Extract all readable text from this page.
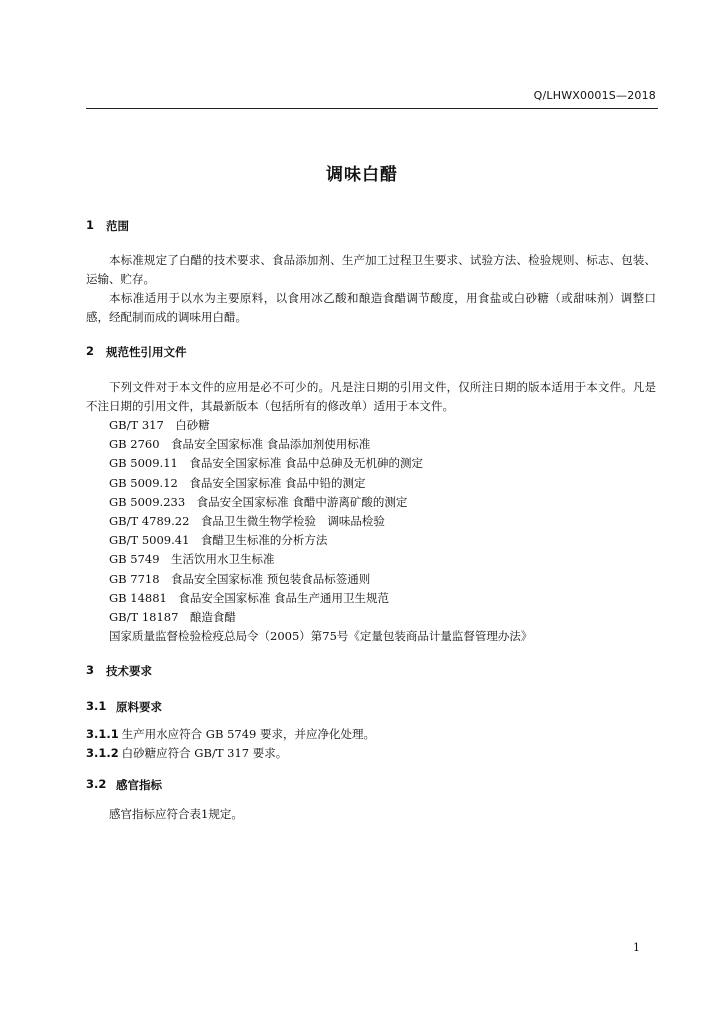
Q/LHWX0001S—2018
调味白醋
1	范围

本标准规定了白醋的技术要求、食品添加剂、生产加工过程卫生要求、试验方法、检验规则、标志、包装、运输、贮存。

本标准适用于以水为主要原料，以食用冰乙酸和酿造食醋调节酸度，用食盐或白砂糖（或甜味剂）调整口感，经配制而成的调味用白醋。

2	规范性引用文件

下列文件对于本文件的应用是必不可少的。凡是注日期的引用文件，仅所注日期的版本适用于本文件。凡是不注日期的引用文件，其最新版本（包括所有的修改单）适用于本文件。

GB/T 317　白砂糖

GB 2760　食品安全国家标准 食品添加剂使用标准

GB 5009.11　食品安全国家标准 食品中总砷及无机砷的测定

GB 5009.12　食品安全国家标准 食品中铅的测定

GB 5009.233　食品安全国家标准 食醋中游离矿酸的测定

GB/T 4789.22　食品卫生微生物学检验　调味品检验

GB/T 5009.41　食醋卫生标准的分析方法

GB 5749　生活饮用水卫生标准

GB 7718　食品安全国家标准 预包装食品标签通则

GB 14881　食品安全国家标准 食品生产通用卫生规范

GB/T 18187　酿造食醋

国家质量监督检验检疫总局令（2005）第75号《定量包装商品计量监督管理办法》

3	技术要求
3.1 原料要求

3.1.1 生产用水应符合 GB 5749 要求，并应净化处理。

3.1.2 白砂糖应符合 GB/T 317 要求。

3.2 感官指标

感官指标应符合表1规定。

1
